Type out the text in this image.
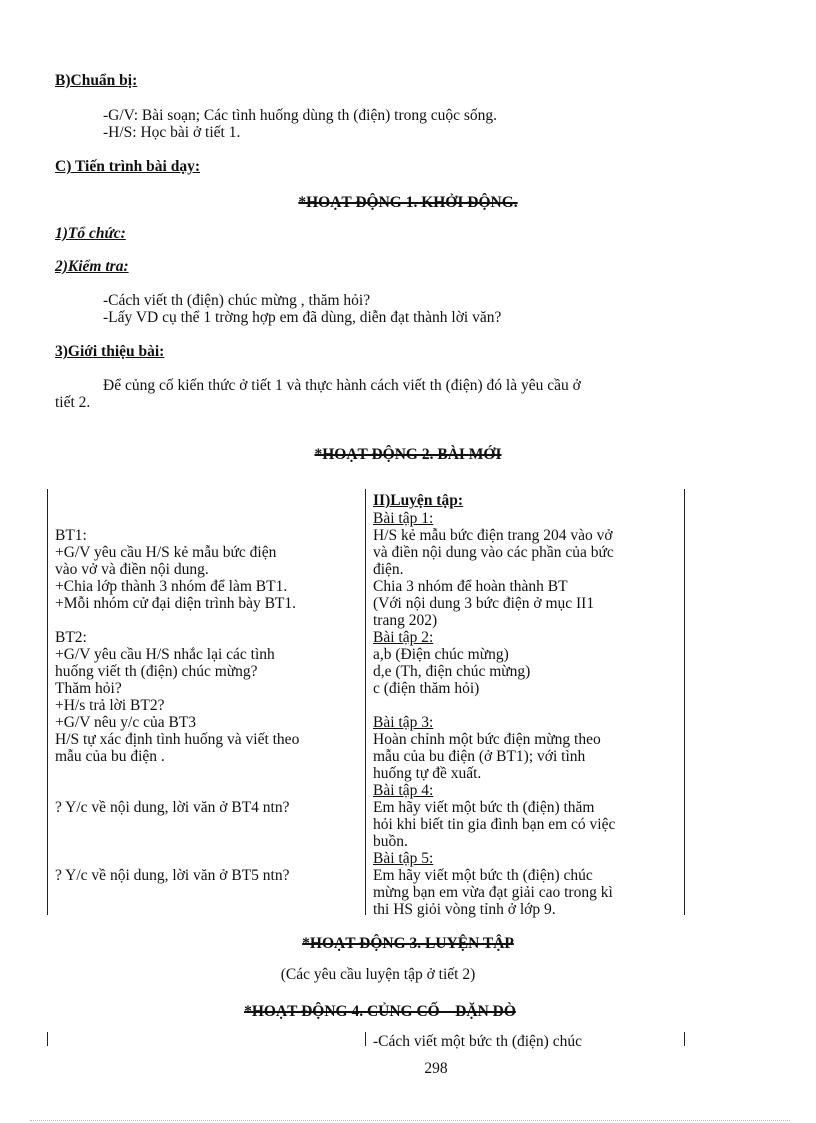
B)Chuẩn bị:
-G/V: Bài soạn; Các tình huống dùng th (điện) trong cuộc sống.
-H/S: Học bài ở tiết 1.
C) Tiến trình bài dạy:
*HOẠT ĐỘNG 1. KHỞI ĐỘNG.
1)Tổ chức:
2)Kiểm tra:
-Cách viết th (điện) chúc mừng , thăm hỏi?
-Lấy VD cụ thể 1 trờng hợp em đã dùng, diễn đạt thành lời văn?
3)Giới thiệu bài:
Để củng cố kiến thức ở tiết 1 và thực hành cách viết th (điện) đó là yêu cầu ở
tiết 2.
*HOẠT ĐỘNG 2. BÀI MỚI
BT1:
+G/V yêu cầu H/S kẻ mẫu bức điện
vào vở và điền nội dung.
+Chia lớp thành 3 nhóm để làm BT1.
+Mỗi nhóm cử đại diện trình bày BT1.
BT2:
+G/V yêu cầu H/S nhắc lại các tình
huống viết th (điện) chúc mừng?
Thăm hỏi?
+H/s trả lời BT2?
+G/V nêu y/c của BT3
H/S tự xác định tình huống và viết theo
mẫu của bu điện .
? Y/c về nội dung, lời văn ở BT4 ntn?
? Y/c về nội dung, lời văn ở BT5 ntn?
II)Luyện tập:
Bài tập 1:
H/S kẻ mẫu bức điện trang 204 vào vở
và điền nội dung vào các phần của bức
điện.
Chia 3 nhóm để hoàn thành BT
(Với nội dung 3 bức điện ở mục II1
trang 202)
Bài tập 2:
a,b (Điện chúc mừng)
d,e (Th, điện chúc mừng)
c (điện thăm hỏi)
Bài tập 3:
Hoàn chỉnh một bức điện mừng theo
mẫu của bu điện (ở BT1); với tình
huống tự đề xuất.
Bài tập 4:
Em hãy viết một bức th (điện) thăm
hỏi khi biết tin gia đình bạn em có việc
buồn.
Bài tập 5:
Em hãy viết một bức th (điện) chúc
mừng bạn em vừa đạt giải cao trong kì
thi HS giỏi vòng tỉnh ở lớp 9.
*HOẠT ĐỘNG 3. LUYỆN TẬP
(Các yêu cầu luyện tập ở tiết 2)
*HOẠT ĐỘNG 4. CỦNG CỐ – DẶN DÒ
-Cách viết một bức th (điện) chúc
298
